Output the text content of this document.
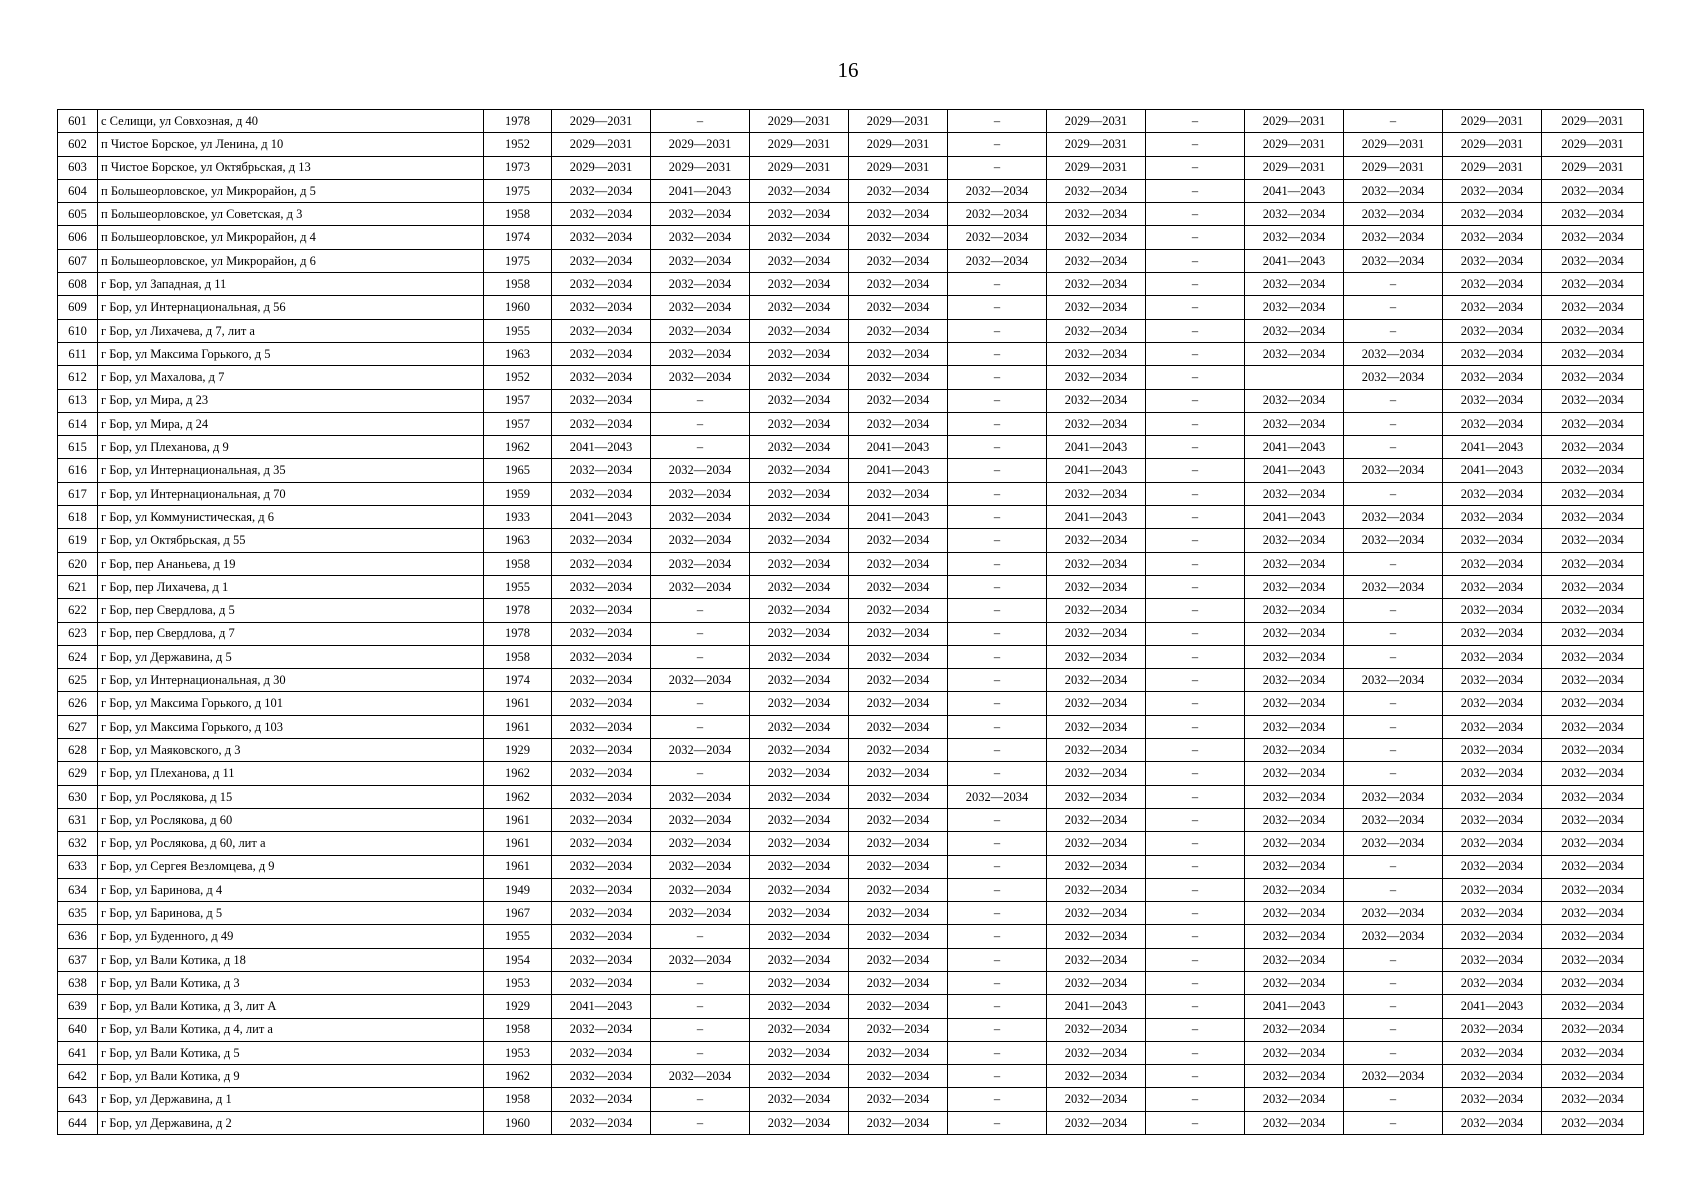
16
601	с Селищи, ул Совхозная, д 40	1978	2029—2031	–	2029—2031	2029—2031	–	2029—2031	–	2029—2031	–	2029—2031	2029—2031
602	п Чистое Борское, ул Ленина, д 10	1952	2029—2031	2029—2031	2029—2031	2029—2031	–	2029—2031	–	2029—2031	2029—2031	2029—2031	2029—2031
603	п Чистое Борское, ул Октябрьская, д 13	1973	2029—2031	2029—2031	2029—2031	2029—2031	–	2029—2031	–	2029—2031	2029—2031	2029—2031	2029—2031
604	п Большеорловское, ул Микрорайон, д 5	1975	2032—2034	2041—2043	2032—2034	2032—2034	2032—2034	2032—2034	–	2041—2043	2032—2034	2032—2034	2032—2034
605	п Большеорловское, ул Советская, д 3	1958	2032—2034	2032—2034	2032—2034	2032—2034	2032—2034	2032—2034	–	2032—2034	2032—2034	2032—2034	2032—2034
606	п Большеорловское, ул Микрорайон, д 4	1974	2032—2034	2032—2034	2032—2034	2032—2034	2032—2034	2032—2034	–	2032—2034	2032—2034	2032—2034	2032—2034
607	п Большеорловское, ул Микрорайон, д 6	1975	2032—2034	2032—2034	2032—2034	2032—2034	2032—2034	2032—2034	–	2041—2043	2032—2034	2032—2034	2032—2034
608	г Бор, ул Западная, д 11	1958	2032—2034	2032—2034	2032—2034	2032—2034	–	2032—2034	–	2032—2034	–	2032—2034	2032—2034
609	г Бор, ул Интернациональная, д 56	1960	2032—2034	2032—2034	2032—2034	2032—2034	–	2032—2034	–	2032—2034	–	2032—2034	2032—2034
610	г Бор, ул Лихачева, д 7, лит а	1955	2032—2034	2032—2034	2032—2034	2032—2034	–	2032—2034	–	2032—2034	–	2032—2034	2032—2034
611	г Бор, ул Максима Горького, д 5	1963	2032—2034	2032—2034	2032—2034	2032—2034	–	2032—2034	–	2032—2034	2032—2034	2032—2034	2032—2034
612	г Бор, ул Махалова, д 7	1952	2032—2034	2032—2034	2032—2034	2032—2034	–	2032—2034	–		2032—2034	2032—2034	2032—2034
613	г Бор, ул Мира, д 23	1957	2032—2034	–	2032—2034	2032—2034	–	2032—2034	–	2032—2034	–	2032—2034	2032—2034
614	г Бор, ул Мира, д 24	1957	2032—2034	–	2032—2034	2032—2034	–	2032—2034	–	2032—2034	–	2032—2034	2032—2034
615	г Бор, ул Плеханова, д 9	1962	2041—2043	–	2032—2034	2041—2043	–	2041—2043	–	2041—2043	–	2041—2043	2032—2034
616	г Бор, ул Интернациональная, д 35	1965	2032—2034	2032—2034	2032—2034	2041—2043	–	2041—2043	–	2041—2043	2032—2034	2041—2043	2032—2034
617	г Бор, ул Интернациональная, д 70	1959	2032—2034	2032—2034	2032—2034	2032—2034	–	2032—2034	–	2032—2034	–	2032—2034	2032—2034
618	г Бор, ул Коммунистическая, д 6	1933	2041—2043	2032—2034	2032—2034	2041—2043	–	2041—2043	–	2041—2043	2032—2034	2032—2034	2032—2034
619	г Бор, ул Октябрьская, д 55	1963	2032—2034	2032—2034	2032—2034	2032—2034	–	2032—2034	–	2032—2034	2032—2034	2032—2034	2032—2034
620	г Бор, пер Ананьева, д 19	1958	2032—2034	2032—2034	2032—2034	2032—2034	–	2032—2034	–	2032—2034	–	2032—2034	2032—2034
621	г Бор, пер Лихачева, д 1	1955	2032—2034	2032—2034	2032—2034	2032—2034	–	2032—2034	–	2032—2034	2032—2034	2032—2034	2032—2034
622	г Бор, пер Свердлова, д 5	1978	2032—2034	–	2032—2034	2032—2034	–	2032—2034	–	2032—2034	–	2032—2034	2032—2034
623	г Бор, пер Свердлова, д 7	1978	2032—2034	–	2032—2034	2032—2034	–	2032—2034	–	2032—2034	–	2032—2034	2032—2034
624	г Бор, ул Державина, д 5	1958	2032—2034	–	2032—2034	2032—2034	–	2032—2034	–	2032—2034	–	2032—2034	2032—2034
625	г Бор, ул Интернациональная, д 30	1974	2032—2034	2032—2034	2032—2034	2032—2034	–	2032—2034	–	2032—2034	2032—2034	2032—2034	2032—2034
626	г Бор, ул Максима Горького, д 101	1961	2032—2034	–	2032—2034	2032—2034	–	2032—2034	–	2032—2034	–	2032—2034	2032—2034
627	г Бор, ул Максима Горького, д 103	1961	2032—2034	–	2032—2034	2032—2034	–	2032—2034	–	2032—2034	–	2032—2034	2032—2034
628	г Бор, ул Маяковского, д 3	1929	2032—2034	2032—2034	2032—2034	2032—2034	–	2032—2034	–	2032—2034	–	2032—2034	2032—2034
629	г Бор, ул Плеханова, д 11	1962	2032—2034	–	2032—2034	2032—2034	–	2032—2034	–	2032—2034	–	2032—2034	2032—2034
630	г Бор, ул Рослякова, д 15	1962	2032—2034	2032—2034	2032—2034	2032—2034	2032—2034	2032—2034	–	2032—2034	2032—2034	2032—2034	2032—2034
631	г Бор, ул Рослякова, д 60	1961	2032—2034	2032—2034	2032—2034	2032—2034	–	2032—2034	–	2032—2034	2032—2034	2032—2034	2032—2034
632	г Бор, ул Рослякова, д 60, лит а	1961	2032—2034	2032—2034	2032—2034	2032—2034	–	2032—2034	–	2032—2034	2032—2034	2032—2034	2032—2034
633	г Бор, ул Сергея Везломцева, д 9	1961	2032—2034	2032—2034	2032—2034	2032—2034	–	2032—2034	–	2032—2034	–	2032—2034	2032—2034
634	г Бор, ул Баринова, д 4	1949	2032—2034	2032—2034	2032—2034	2032—2034	–	2032—2034	–	2032—2034	–	2032—2034	2032—2034
635	г Бор, ул Баринова, д 5	1967	2032—2034	2032—2034	2032—2034	2032—2034	–	2032—2034	–	2032—2034	2032—2034	2032—2034	2032—2034
636	г Бор, ул Буденного, д 49	1955	2032—2034	–	2032—2034	2032—2034	–	2032—2034	–	2032—2034	2032—2034	2032—2034	2032—2034
637	г Бор, ул Вали Котика, д 18	1954	2032—2034	2032—2034	2032—2034	2032—2034	–	2032—2034	–	2032—2034	–	2032—2034	2032—2034
638	г Бор, ул Вали Котика, д 3	1953	2032—2034	–	2032—2034	2032—2034	–	2032—2034	–	2032—2034	–	2032—2034	2032—2034
639	г Бор, ул Вали Котика, д 3, лит А	1929	2041—2043	–	2032—2034	2032—2034	–	2041—2043	–	2041—2043	–	2041—2043	2032—2034
640	г Бор, ул Вали Котика, д 4, лит а	1958	2032—2034	–	2032—2034	2032—2034	–	2032—2034	–	2032—2034	–	2032—2034	2032—2034
641	г Бор, ул Вали Котика, д 5	1953	2032—2034	–	2032—2034	2032—2034	–	2032—2034	–	2032—2034	–	2032—2034	2032—2034
642	г Бор, ул Вали Котика, д 9	1962	2032—2034	2032—2034	2032—2034	2032—2034	–	2032—2034	–	2032—2034	2032—2034	2032—2034	2032—2034
643	г Бор, ул Державина, д 1	1958	2032—2034	–	2032—2034	2032—2034	–	2032—2034	–	2032—2034	–	2032—2034	2032—2034
644	г Бор, ул Державина, д 2	1960	2032—2034	–	2032—2034	2032—2034	–	2032—2034	–	2032—2034	–	2032—2034	2032—2034
